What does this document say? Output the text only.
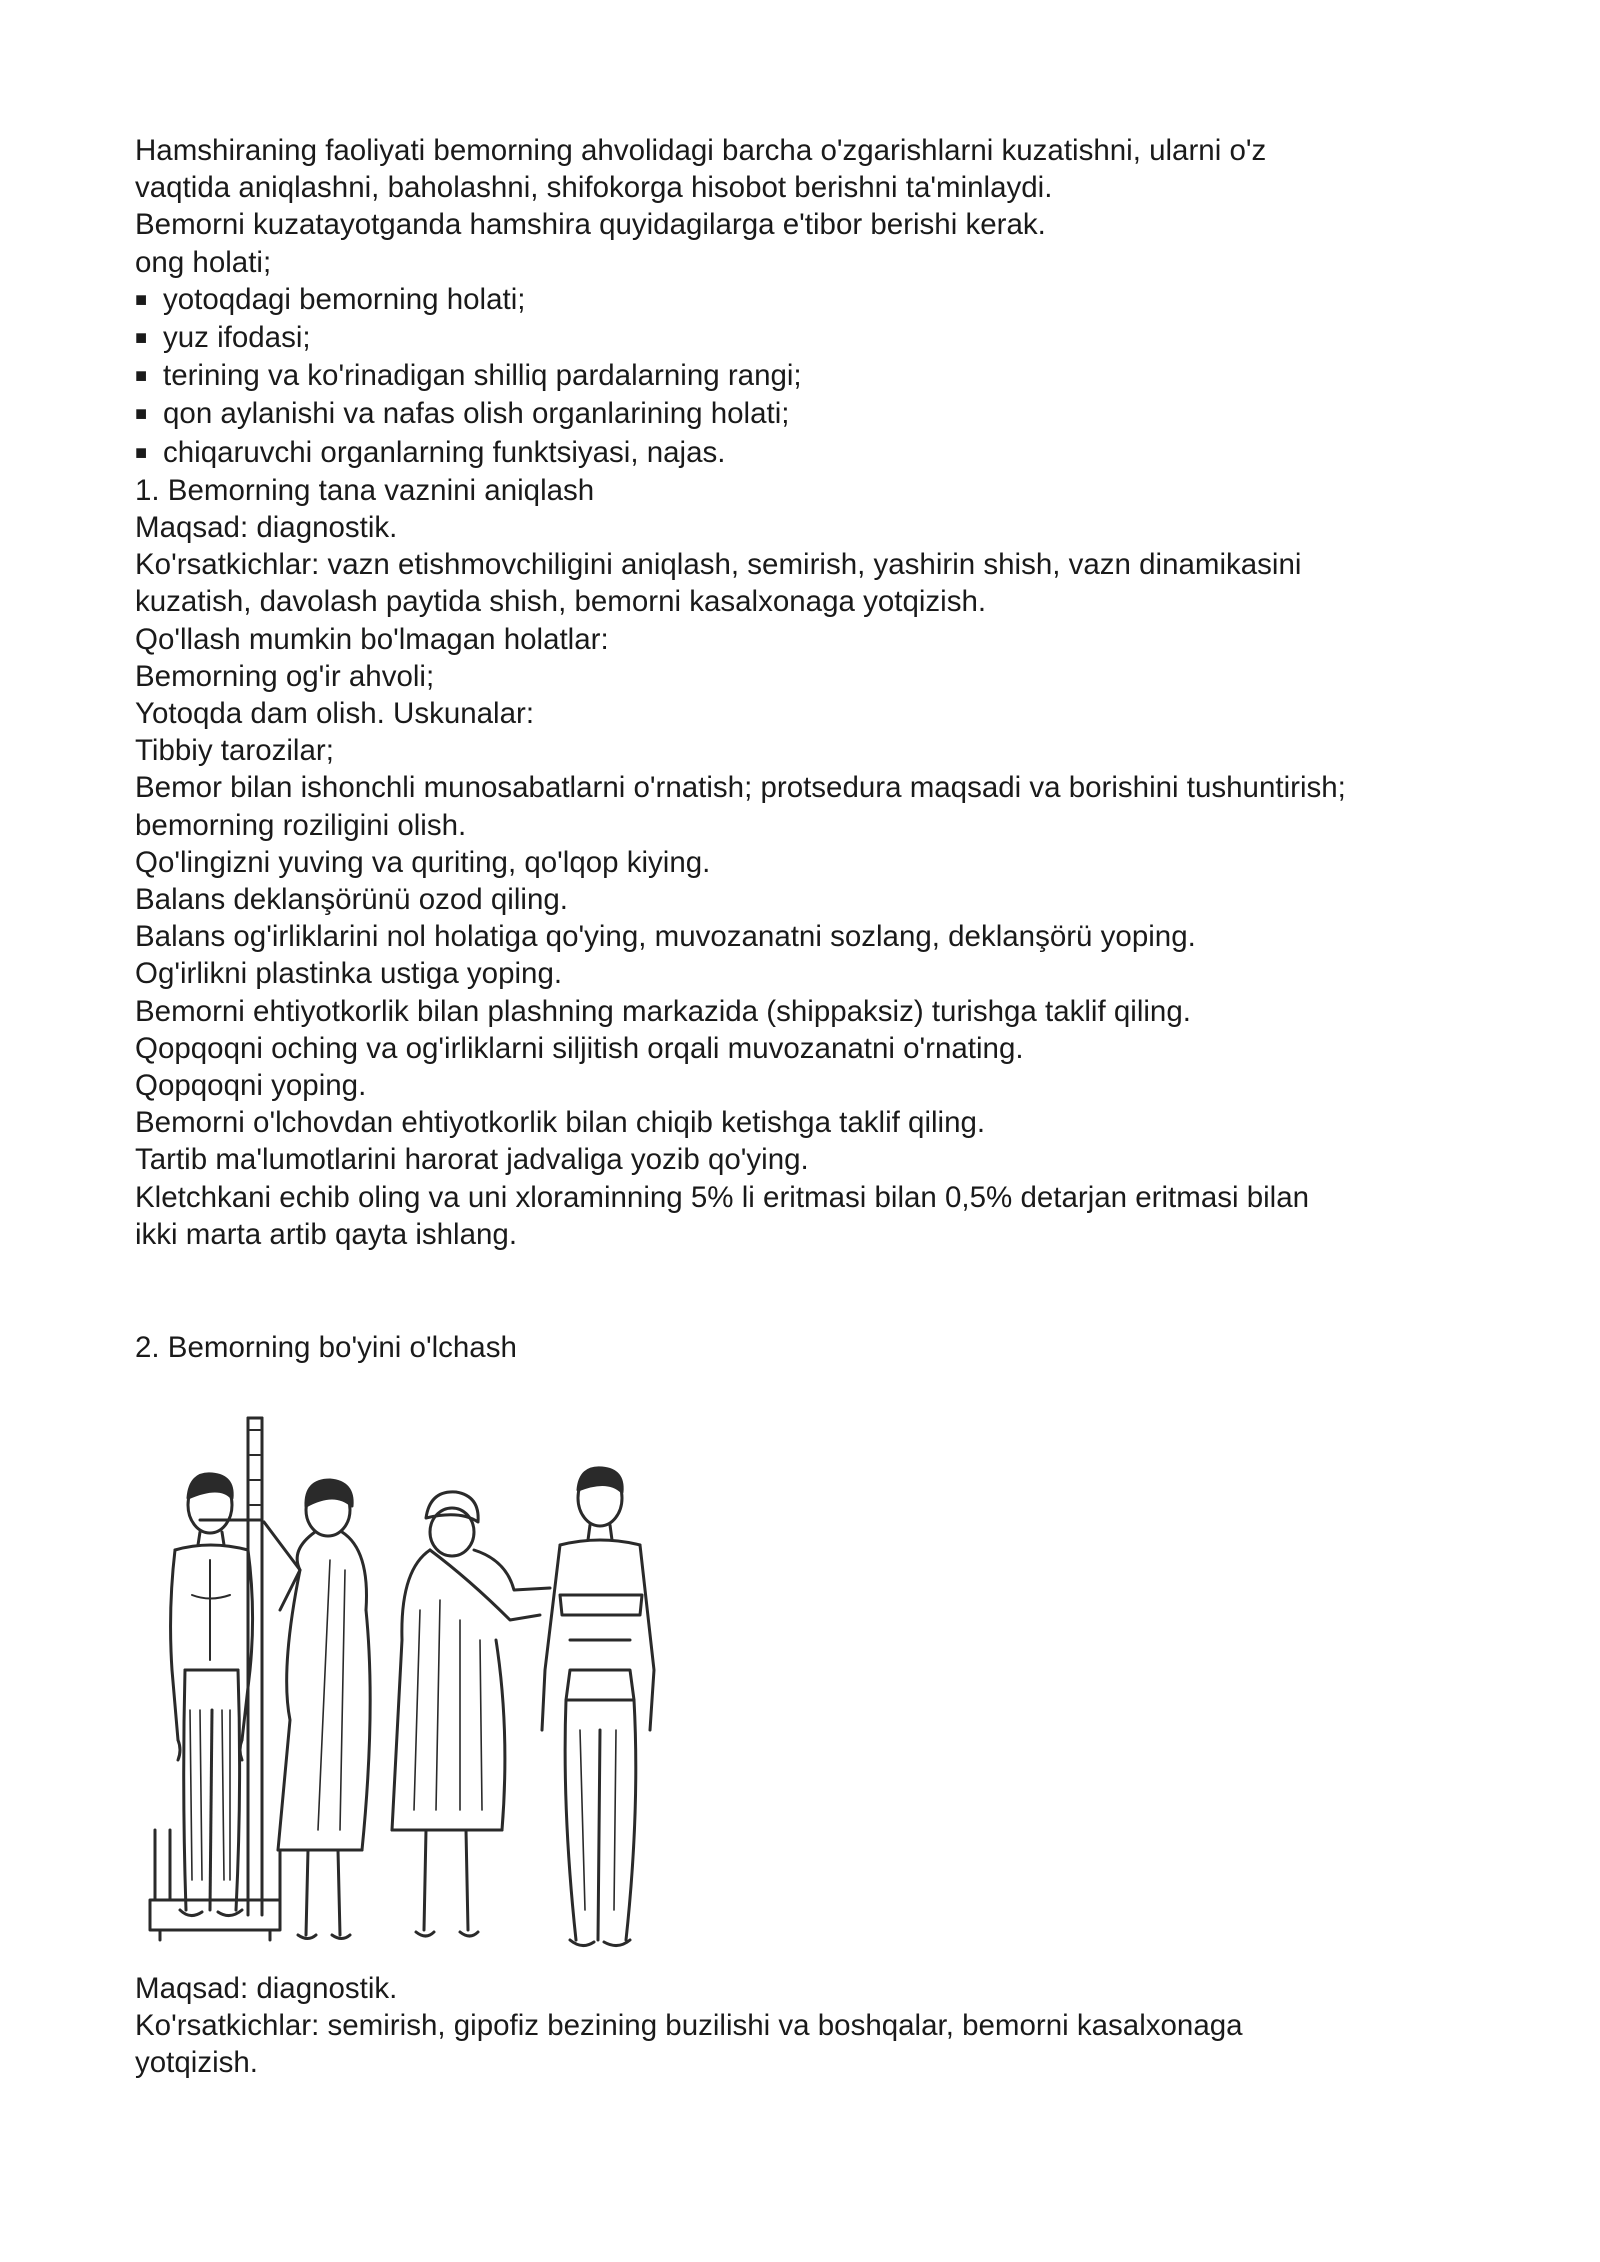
Hamshiraning faoliyati bemorning ahvolidagi barcha o'zgarishlarni kuzatishni, ularni o'z

vaqtida aniqlashni, baholashni, shifokorga hisobot berishni ta'minlaydi.

Bemorni kuzatayotganda hamshira quyidagilarga e'tibor berishi kerak.

ong holati;

■ yotoqdagi bemorning holati;

■ yuz ifodasi;

■ terining va ko'rinadigan shilliq pardalarning rangi;

■ qon aylanishi va nafas olish organlarining holati;

■ chiqaruvchi organlarning funktsiyasi, najas.

1. Bemorning tana vaznini aniqlash

Maqsad: diagnostik.

Ko'rsatkichlar: vazn etishmovchiligini aniqlash, semirish, yashirin shish, vazn dinamikasini

kuzatish, davolash paytida shish, bemorni kasalxonaga yotqizish.

Qo'llash mumkin bo'lmagan holatlar:

Bemorning og'ir ahvoli;

Yotoqda dam olish. Uskunalar:

Tibbiy tarozilar;

Bemor bilan ishonchli munosabatlarni o'rnatish; protsedura maqsadi va borishini tushuntirish;

bemorning roziligini olish.

Qo'lingizni yuving va quriting, qo'lqop kiying.

Balans deklanşörünü ozod qiling.

Balans og'irliklarini nol holatiga qo'ying, muvozanatni sozlang, deklanşörü yoping.

Og'irlikni plastinka ustiga yoping.

Bemorni ehtiyotkorlik bilan plashning markazida (shippaksiz) turishga taklif qiling.

Qopqoqni oching va og'irliklarni siljitish orqali muvozanatni o'rnating.

Qopqoqni yoping.

Bemorni o'lchovdan ehtiyotkorlik bilan chiqib ketishga taklif qiling.

Tartib ma'lumotlarini harorat jadvaliga yozib qo'ying.

Kletchkani echib oling va uni xloraminning 5% li eritmasi bilan 0,5% detarjan eritmasi bilan

ikki marta artib qayta ishlang.

2. Bemorning bo'yini o'lchash

Maqsad: diagnostik.

Ko'rsatkichlar: semirish, gipofiz bezining buzilishi va boshqalar, bemorni kasalxonaga

yotqizish.
